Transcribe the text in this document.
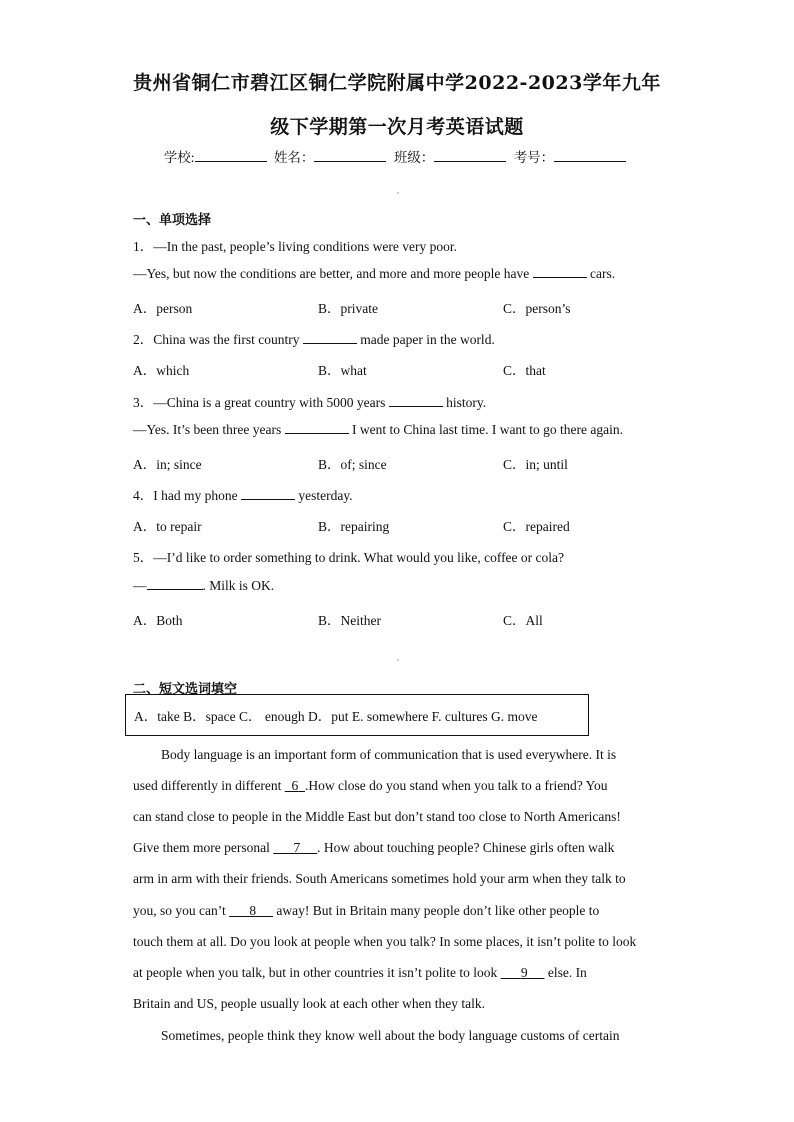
贵州省铜仁市碧江区铜仁学院附属中学2022-2023学年九年
级下学期第一次月考英语试题
学校:	姓名：	班级：	考号：
一、单项选择
1．—In the past, people’s living conditions were very poor.
—Yes, but now the conditions are better, and more and more people have	cars.
A．person	B．private	C．person’s
2．China was the first country	made paper in the world.
A．which	B．what	C．that
3．—China is a great country with 5000 years	history.
—Yes. It’s been three years	I went to China last time. I want to go there again.
A．in; since	B．of; since	C．in; until
4．I had my phone	yesterday.
A．to repair	B．repairing	C．repaired
5．—I’d like to order something to drink. What would you like, coffee or cola?
—	. Milk is OK.
A．Both	B．Neither	C．All
二、短文选词填空
A．take B．space C． enough D．put E. somewhere F. cultures G. move
Body language is an important form of communication that is used everywhere. It is
used differently in different   6 .How close do you stand when you talk to a friend? You
can stand close to people in the Middle East but don’t stand too close to North Americans!
Give them more personal       7 . How about touching people? Chinese girls often walk
arm in arm with their friends. South Americans sometimes hold your arm when they talk to
you, so you can’t       8      away! But in Britain many people don’t like other people to
touch them at all. Do you look at people when you talk? In some places, it isn’t polite to look
at people when you talk, but in other countries it isn’t polite to look       9      else. In
Britain and US, people usually look at each other when they talk.
Sometimes, people think they know well about the body language customs of certain
